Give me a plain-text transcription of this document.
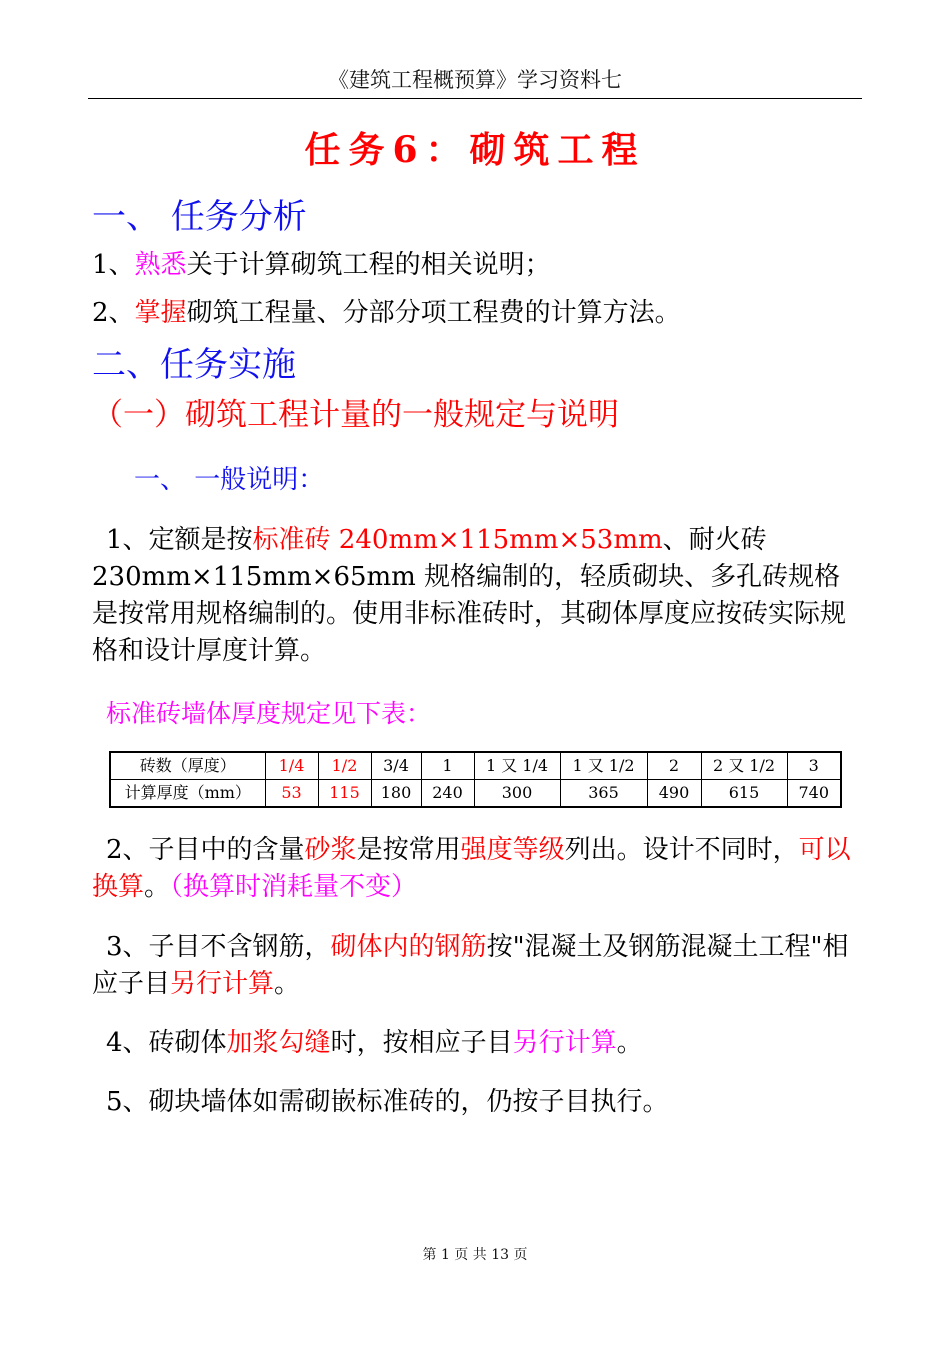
《建筑工程概预算》学习资料七
任务6：砌筑工程
一、 任务分析
1、熟悉关于计算砌筑工程的相关说明；
2、掌握砌筑工程量、分部分项工程费的计算方法。
二、任务实施
（一）砌筑工程计量的一般规定与说明
一、 一般说明：
1、定额是按标准砖 240mm×115mm×53mm、耐火砖 230mm×115mm×65mm 规格编制的，轻质砌块、多孔砖规格是按常用规格编制的。使用非标准砖时，其砌体厚度应按砖实际规格和设计厚度计算。
标准砖墙体厚度规定见下表：
砖数（厚度）	1/4	1/2	3/4	1	1 又 1/4	1 又 1/2	2	2 又 1/2	3
计算厚度（mm）	53	115	180	240	300	365	490	615	740
2、子目中的含量砂浆是按常用强度等级列出。设计不同时，可以换算。（换算时消耗量不变）
3、子目不含钢筋，砌体内的钢筋按"混凝土及钢筋混凝土工程"相应子目另行计算。
4、砖砌体加浆勾缝时，按相应子目另行计算。
5、砌块墙体如需砌嵌标准砖的，仍按子目执行。
第 1 页 共 13 页
